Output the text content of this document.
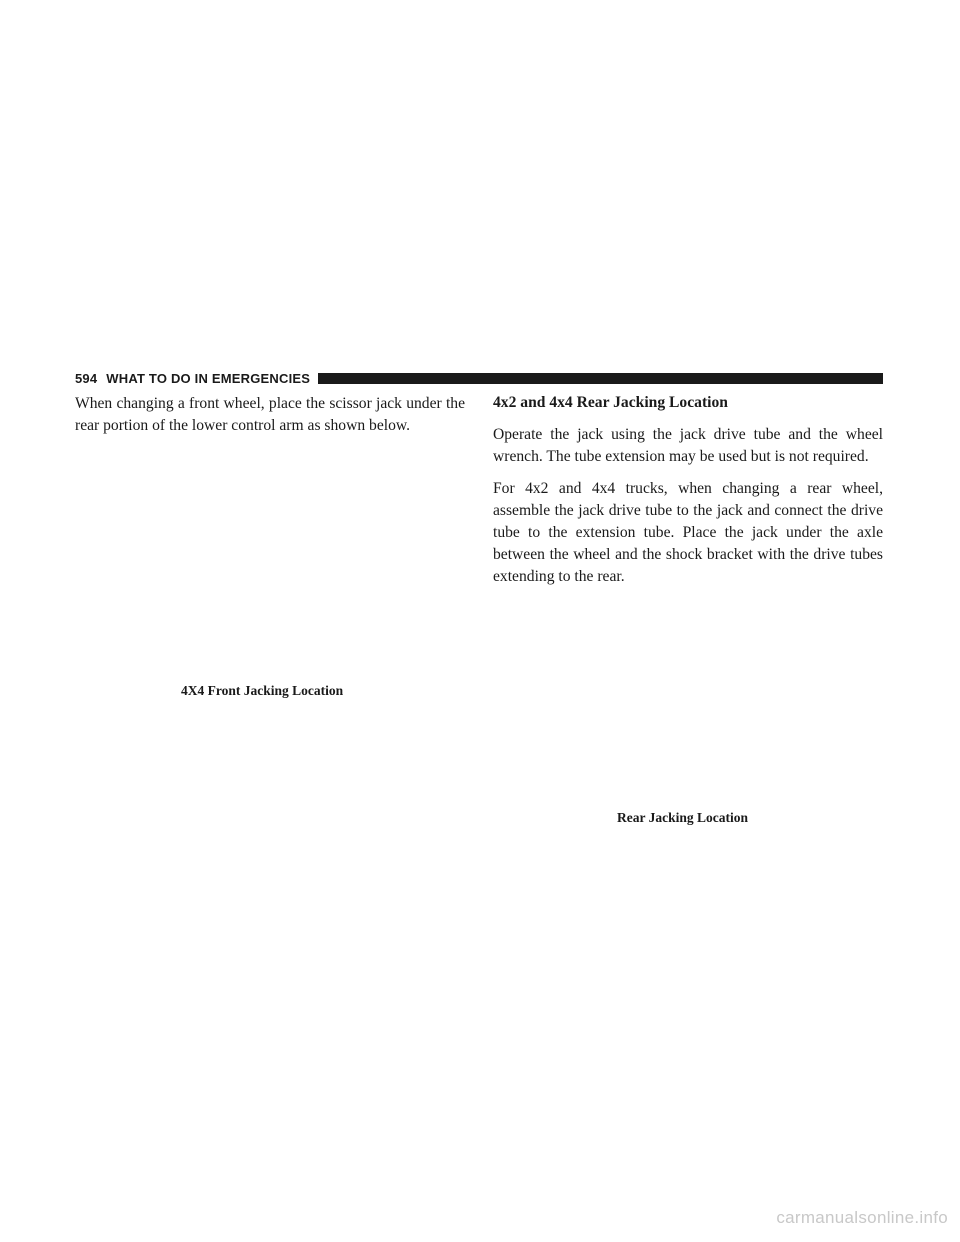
594 WHAT TO DO IN EMERGENCIES

When changing a front wheel, place the scissor jack under the rear portion of the lower control arm as shown below.

4X4 Front Jacking Location
4x2 and 4x4 Rear Jacking Location

Operate the jack using the jack drive tube and the wheel wrench. The tube extension may be used but is not required.

For 4x2 and 4x4 trucks, when changing a rear wheel, assemble the jack drive tube to the jack and connect the drive tube to the extension tube. Place the jack under the axle between the wheel and the shock bracket with the drive tubes extending to the rear.

Rear Jacking Location
carmanualsonline.info
